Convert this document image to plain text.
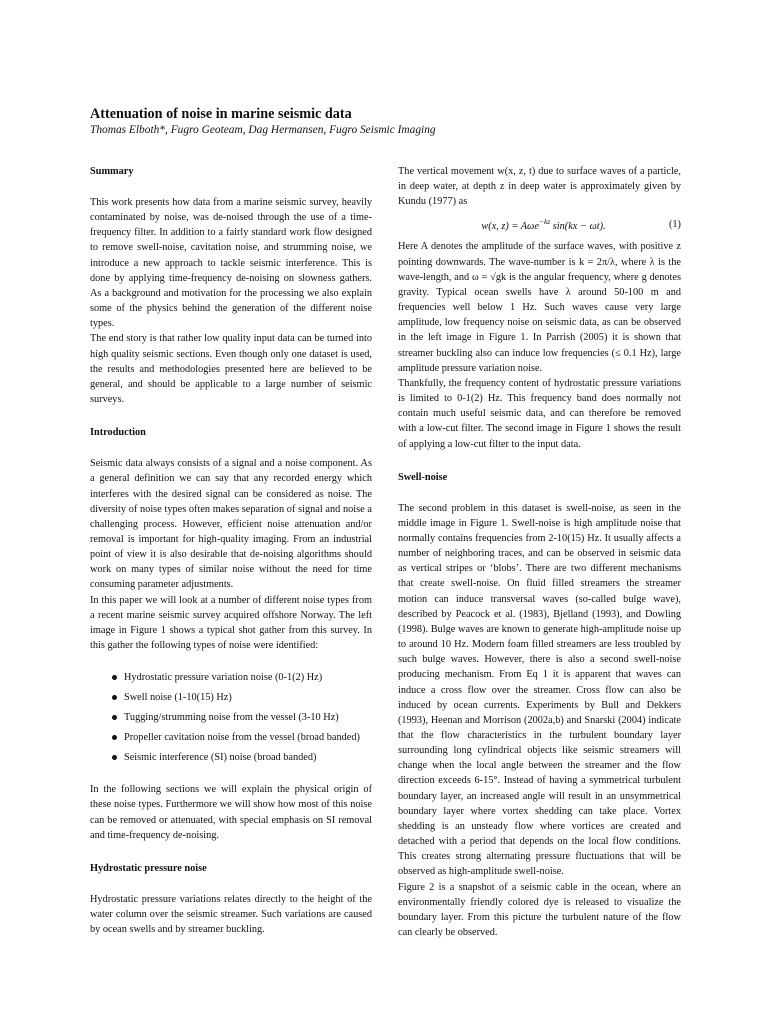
Attenuation of noise in marine seismic data

Thomas Elboth*, Fugro Geoteam, Dag Hermansen, Fugro Seismic Imaging

Summary

This work presents how data from a marine seismic survey, heavily contaminated by noise, was de-noised through the use of a time-frequency filter. In addition to a fairly standard work flow designed to remove swell-noise, cavitation noise, and strumming noise, we introduce a new approach to tackle seismic interference. This is done by applying time-frequency de-noising on slowness gathers. As a background and motivation for the processing we also explain some of the physics behind the generation of the different noise types.

The end story is that rather low quality input data can be turned into high quality seismic sections. Even though only one dataset is used, the results and methodologies presented here are believed to be general, and should be applicable to a large number of seismic surveys.

Introduction

Seismic data always consists of a signal and a noise component. As a general definition we can say that any recorded energy which interferes with the desired signal can be considered as noise. The diversity of noise types often makes separation of signal and noise a challenging process. However, efficient noise attenuation and/or removal is important for high-quality imaging. From an industrial point of view it is also desirable that de-noising algorithms should work on many types of similar noise without the need for time consuming parameter adjustments.

In this paper we will look at a number of different noise types from a recent marine seismic survey acquired offshore Norway. The left image in Figure 1 shows a typical shot gather from this survey. In this gather the following types of noise were identified:

Hydrostatic pressure variation noise (0-1(2) Hz)
Swell noise (1-10(15) Hz)
Tugging/strumming noise from the vessel (3-10 Hz)
Propeller cavitation noise from the vessel (broad banded)
Seismic interference (SI) noise (broad banded)

In the following sections we will explain the physical origin of these noise types. Furthermore we will show how most of this noise can be removed or attenuated, with special emphasis on SI removal and time-frequency de-noising.

Hydrostatic pressure noise

Hydrostatic pressure variations relates directly to the height of the water column over the seismic streamer. Such variations are caused by ocean swells and by streamer buckling.

The vertical movement w(x, z, t) due to surface waves of a particle, in deep water, at depth z in deep water is approximately given by Kundu (1977) as

w(x, z) = Aωe$^{-kz}$ sin(kx − ωt).	(1)

Here A denotes the amplitude of the surface waves, with positive z pointing downwards. The wave-number is k = 2π/λ, where λ is the wave-length, and ω = √gk is the angular frequency, where g denotes gravity. Typical ocean swells have λ around 50-100 m and frequencies well below 1 Hz. Such waves cause very large amplitude, low frequency noise on seismic data, as can be observed in the left image in Figure 1. In Parrish (2005) it is shown that streamer buckling also can induce low frequencies (≤ 0.1 Hz), large amplitude pressure variation noise.

Thankfully, the frequency content of hydrostatic pressure variations is limited to 0-1(2) Hz. This frequency band does normally not contain much useful seismic data, and can therefore be removed with a low-cut filter. The second image in Figure 1 shows the result of applying a low-cut filter to the input data.

Swell-noise

The second problem in this dataset is swell-noise, as seen in the middle image in Figure 1. Swell-noise is high amplitude noise that normally contains frequencies from 2-10(15) Hz. It usually affects a number of neighboring traces, and can be observed in seismic data as vertical stripes or ‘blobs’. There are two different mechanisms that create swell-noise. On fluid filled streamers the streamer motion can induce transversal waves (so-called bulge wave), described by Peacock et al. (1983), Bjelland (1993), and Dowling (1998). Bulge waves are known to generate high-amplitude noise up to around 10 Hz. Modern foam filled streamers are less troubled by such bulge waves. However, there is also a second swell-noise producing mechanism. From Eq 1 it is apparent that waves can induce a cross flow over the streamer. Cross flow can also be induced by ocean currents. Experiments by Bull and Dekkers (1993), Heenan and Morrison (2002a,b) and Snarski (2004) indicate that the flow characteristics in the turbulent boundary layer surrounding long cylindrical objects like seismic streamers will change when the local angle between the streamer and the flow direction exceeds 6-15°. Instead of having a symmetrical turbulent boundary layer, an increased angle will result in an unsymmetrical boundary layer where vortex shedding can take place. Vortex shedding is an unsteady flow where vortices are created and detached with a period that depends on the local flow conditions. This creates strong alternating pressure fluctuations that will be observed as high-amplitude swell-noise.

Figure 2 is a snapshot of a seismic cable in the ocean, where an environmentally friendly colored dye is released to visualize the boundary layer. From this picture the turbulent nature of the flow can clearly be observed.
